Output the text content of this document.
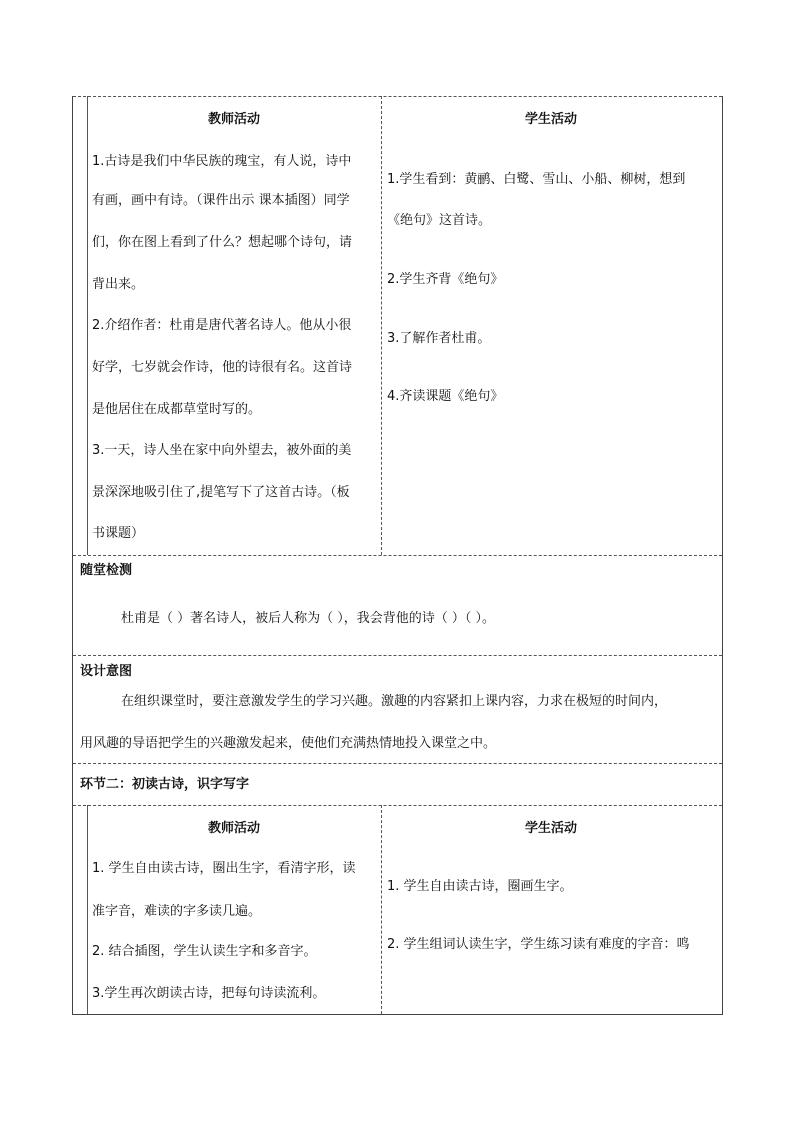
教师活动	学生活动
1.古诗是我们中华民族的瑰宝，有人说，诗中
有画，画中有诗。（课件出示 课本插图）同学
们，你在图上看到了什么？想起哪个诗句，请
背出来。
2.介绍作者：杜甫是唐代著名诗人。他从小很
好学，七岁就会作诗，他的诗很有名。这首诗
是他居住在成都草堂时写的。
3.一天，诗人坐在家中向外望去，被外面的美
景深深地吸引住了,提笔写下了这首古诗。（板
书课题）
1.学生看到：黄鹂、白鹭、雪山、小船、柳树，想到
《绝句》这首诗。
2.学生齐背《绝句》
3.了解作者杜甫。
4.齐读课题《绝句》
随堂检测
杜甫是（ ）著名诗人，被后人称为（ ），我会背他的诗（ ）（ ）。
设计意图
在组织课堂时，要注意激发学生的学习兴趣。激趣的内容紧扣上课内容，力求在极短的时间内，
用风趣的导语把学生的兴趣激发起来，使他们充满热情地投入课堂之中。
环节二：初读古诗，识字写字
教师活动	学生活动
1. 学生自由读古诗，圈出生字，看清字形，读
准字音，难读的字多读几遍。
2. 结合插图，学生认读生字和多音字。
3.学生再次朗读古诗，把每句诗读流利。
1. 学生自由读古诗，圈画生字。
2. 学生组词认读生字，学生练习读有难度的字音：鸣
